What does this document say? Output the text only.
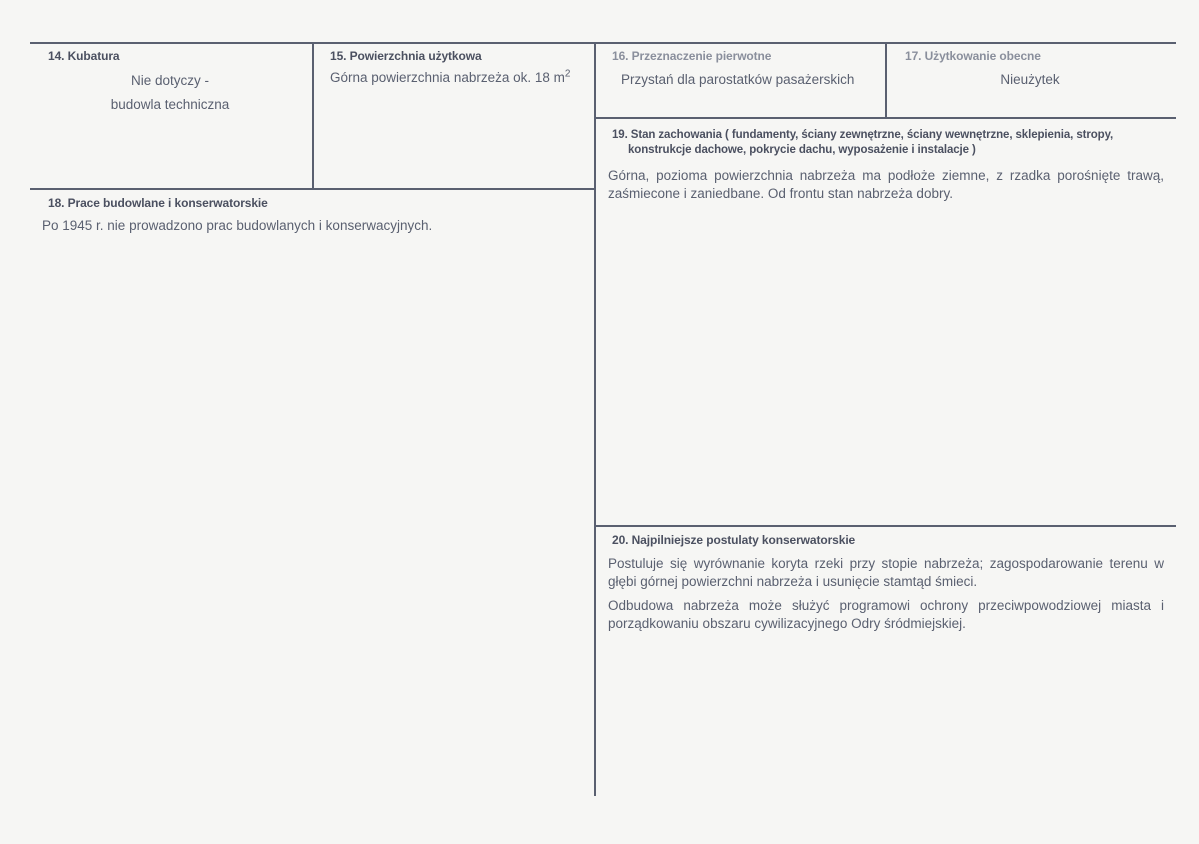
14. Kubatura
Nie dotyczy -
budowla techniczna
15. Powierzchnia użytkowa
Górna powierzchnia nabrzeża ok. 18 $m^2$
16. Przeznaczenie pierwotne
Przystań dla parostatków pasażerskich
17. Użytkowanie obecne
Nieużytek
18. Prace budowlane i konserwatorskie
Po 1945 r. nie prowadzono prac budowlanych i konserwacyjnych.
19. Stan zachowania ( fundamenty, ściany zewnętrzne, ściany wewnętrzne, sklepienia, stropy,
konstrukcje dachowe, pokrycie dachu, wyposażenie i instalacje )
Górna, pozioma powierzchnia nabrzeża ma podłoże ziemne, z rzadka porośnięte trawą, zaśmiecone i zaniedbane. Od frontu stan nabrzeża dobry.
20. Najpilniejsze postulaty konserwatorskie
Postuluje się wyrównanie koryta rzeki przy stopie nabrzeża; zagospodarowanie terenu w głębi górnej powierzchni nabrzeża i usunięcie stamtąd śmieci.
Odbudowa nabrzeża może służyć programowi ochrony przeciwpowodziowej miasta i porządkowaniu obszaru cywilizacyjnego Odry śródmiejskiej.
